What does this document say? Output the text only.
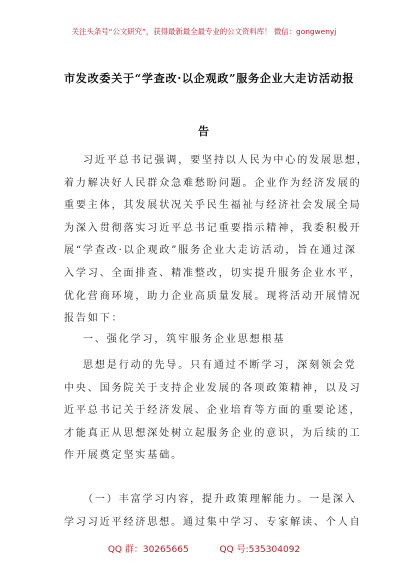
关注头条号“公文研究”，获得最新最全最专业的公文资料库！ 微信：gongwenyj
市发改委关于“学查改·以企观政”服务企业大走访活动报
告

习近平总书记强调，要坚持以人民为中心的发展思想，
着力解决好人民群众急难愁盼问题。企业作为经济发展的
重要主体，其发展状况关乎民生福祉与经济社会发展全局
为深入贯彻落实习近平总书记重要指示精神，我委积极开
展“学查改·以企观政”服务企业大走访活动，旨在通过深
入学习、全面排查、精准整改，切实提升服务企业水平，
优化营商环境，助力企业高质量发展。现将活动开展情况
报告如下：

一、强化学习，筑牢服务企业思想根基

思想是行动的先导。只有通过不断学习，深刻领会党
中央、国务院关于支持企业发展的各项政策精神，以及习
近平总书记关于经济发展、企业培育等方面的重要论述，
才能真正从思想深处树立起服务企业的意识，为后续的工
作开展奠定坚实基础。

（一）丰富学习内容，提升政策理解能力。一是深入
学习习近平经济思想。通过集中学习、专家解读、个人自

QQ 群：30265665	QQ 号:535304092
